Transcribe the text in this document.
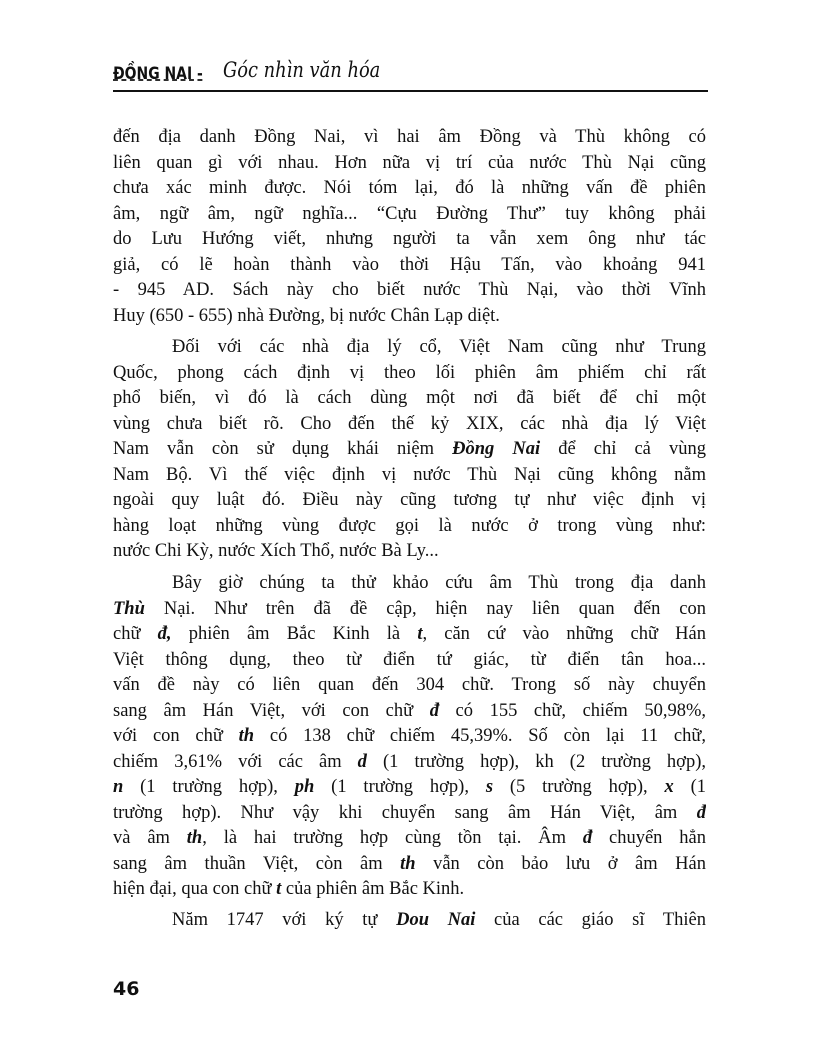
ĐỒNG NAI - Góc nhìn văn hóa
đến địa danh Đồng Nai, vì hai âm Đồng và Thù không có
liên quan gì với nhau. Hơn nữa vị trí của nước Thù Nại cũng
chưa xác minh được. Nói tóm lại, đó là những vấn đề phiên
âm, ngữ âm, ngữ nghĩa... “Cựu Đường Thư” tuy không phải
do Lưu Hướng viết, nhưng người ta vẫn xem ông như tác
giả, có lẽ hoàn thành vào thời Hậu Tấn, vào khoảng 941
- 945 AD. Sách này cho biết nước Thù Nại, vào thời Vĩnh
Huy (650 - 655) nhà Đường, bị nước Chân Lạp diệt.
Đối với các nhà địa lý cổ, Việt Nam cũng như Trung
Quốc, phong cách định vị theo lối phiên âm phiếm chỉ rất
phổ biến, vì đó là cách dùng một nơi đã biết để chỉ một
vùng chưa biết rõ. Cho đến thế kỷ XIX, các nhà địa lý Việt
Nam vẫn còn sử dụng khái niệm Đồng Nai để chỉ cả vùng
Nam Bộ. Vì thế việc định vị nước Thù Nại cũng không nằm
ngoài quy luật đó. Điều này cũng tương tự như việc định vị
hàng loạt những vùng được gọi là nước ở trong vùng như:
nước Chi Kỳ, nước Xích Thổ, nước Bà Ly...
Bây giờ chúng ta thử khảo cứu âm Thù trong địa danh
Thù Nại. Như trên đã đề cập, hiện nay liên quan đến con
chữ đ, phiên âm Bắc Kinh là t, căn cứ vào những chữ Hán
Việt thông dụng, theo từ điển tứ giác, từ điển tân hoa...
vấn đề này có liên quan đến 304 chữ. Trong số này chuyển
sang âm Hán Việt, với con chữ đ có 155 chữ, chiếm 50,98%,
với con chữ th có 138 chữ chiếm 45,39%. Số còn lại 11 chữ,
chiếm 3,61% với các âm d (1 trường hợp), kh (2 trường hợp),
n (1 trường hợp), ph (1 trường hợp), s (5 trường hợp), x (1
trường hợp). Như vậy khi chuyển sang âm Hán Việt, âm đ
và âm th, là hai trường hợp cùng tồn tại. Âm đ chuyển hẳn
sang âm thuần Việt, còn âm th vẫn còn bảo lưu ở âm Hán
hiện đại, qua con chữ t của phiên âm Bắc Kinh.
Năm 1747 với ký tự Dou Nai của các giáo sĩ Thiên
46
